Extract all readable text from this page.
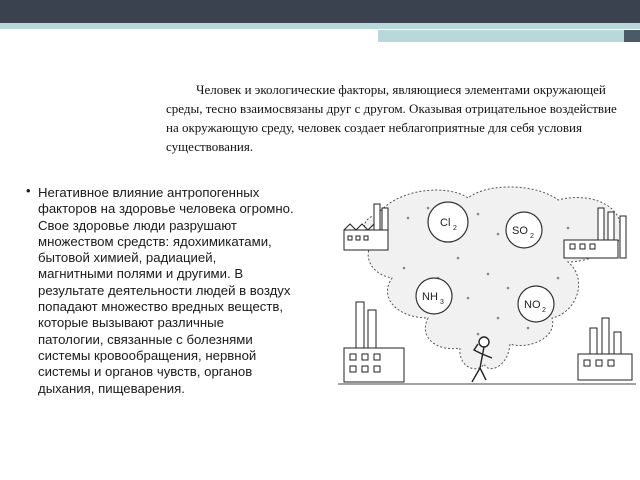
Человек и экологические факторы, являющиеся элементами окружающей среды, тесно взаимосвязаны друг с другом. Оказывая отрицательное воздействие на окружающую среду, человек создает неблагоприятные для себя условия существования.

• Негативное влияние антропогенных
факторов на здоровье человека огромно.
Свое здоровье люди разрушают
множеством средств: ядохимикатами,
бытовой химией, радиацией,
магнитными полями и другими. В
результате деятельности людей в воздух
попадают множество вредных веществ,
которые вызывают различные
патологии, связанные с болезнями
системы кровообращения, нервной
системы и органов чувств, органов
дыхания, пищеварения.

Cl 2	SO 2
NH 3	NO 2
